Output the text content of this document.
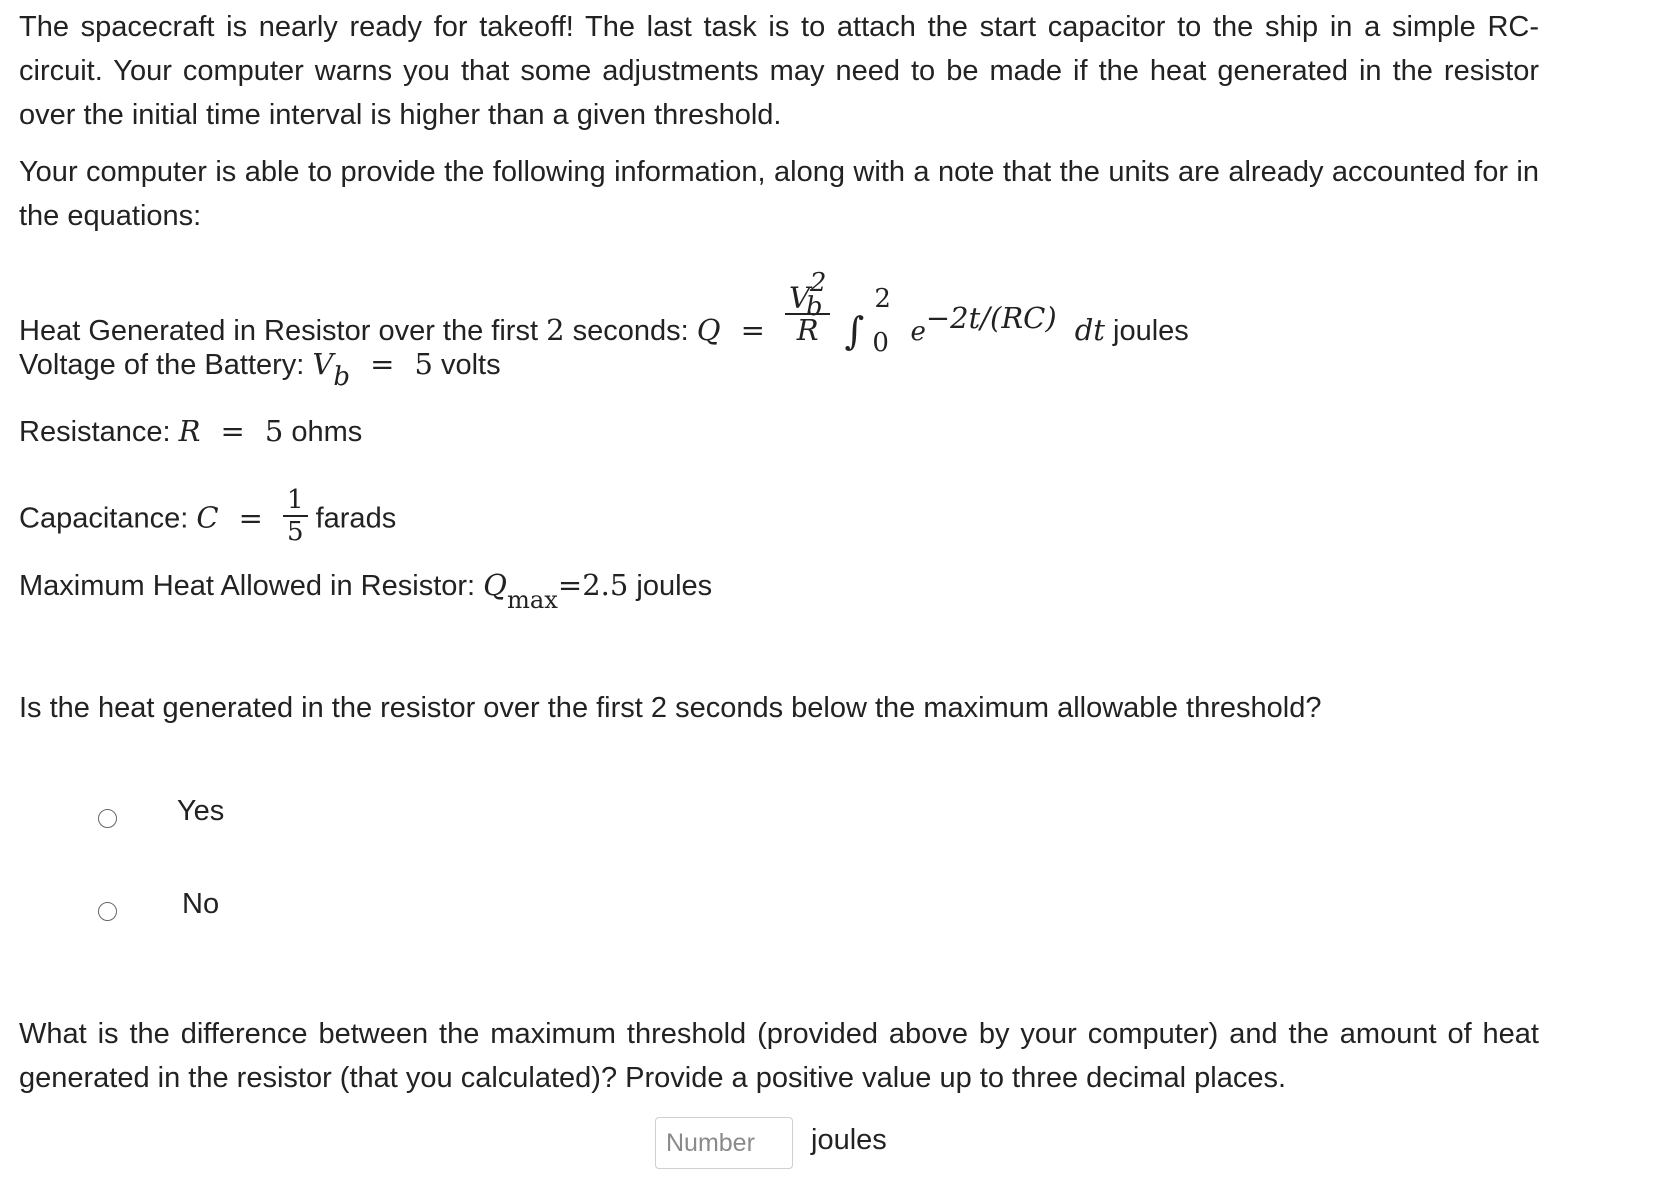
The spacecraft is nearly ready for takeoff! The last task is to attach the start capacitor to the ship in a simple RC-circuit. Your computer warns you that some adjustments may need to be made if the heat generated in the resistor over the initial time interval is higher than a given threshold.

Your computer is able to provide the following information, along with a note that the units are already accounted for in the equations:

Heat Generated in Resistor over the first 2 seconds: $Q = V^2$
b
R ∫
2
0 e−2t/(RC) dt joules
Voltage of the Battery: $V_b = 5$ volts
Resistance: R = 5 ohms
Capacitance: $C = \frac{1}{5}$ farads
Maximum Heat Allowed in Resistor: $Q_{max}=2.5$ joules
Is the heat generated in the resistor over the first 2 seconds below the maximum allowable threshold?
Yes
No

What is the difference between the maximum threshold (provided above by your computer) and the amount of heat generated in the resistor (that you calculated)? Provide a positive value up to three decimal places.

Number
joules
